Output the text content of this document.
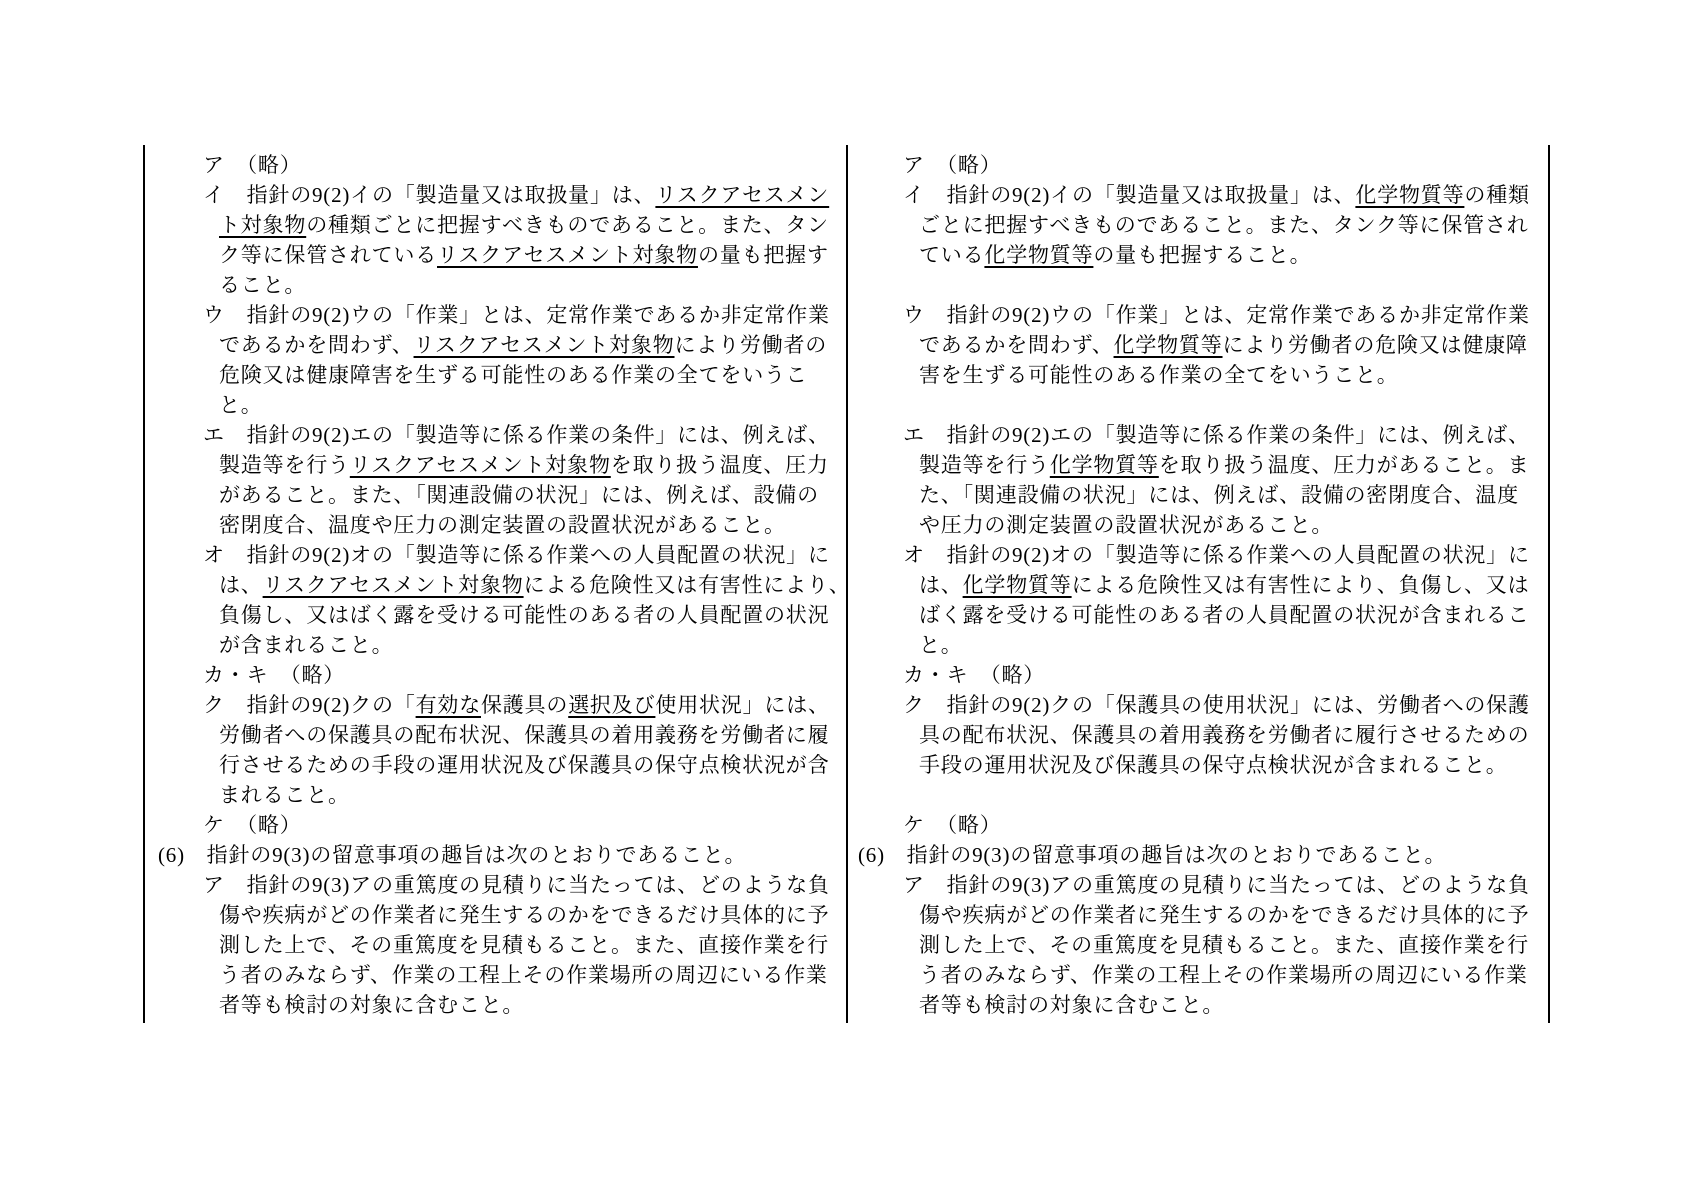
ア　（略）
イ　指針の9(2)イの「製造量又は取扱量」は、リスクアセスメン
ト対象物の種類ごとに把握すべきものであること。また、タン
ク等に保管されているリスクアセスメント対象物の量も把握す
ること。
ウ　指針の9(2)ウの「作業」とは、定常作業であるか非定常作業
であるかを問わず、リスクアセスメント対象物により労働者の
危険又は健康障害を生ずる可能性のある作業の全てをいうこ
と。
エ　指針の9(2)エの「製造等に係る作業の条件」には、例えば、
製造等を行うリスクアセスメント対象物を取り扱う温度、圧力
があること。また、「関連設備の状況」には、例えば、設備の
密閉度合、温度や圧力の測定装置の設置状況があること。
オ　指針の9(2)オの「製造等に係る作業への人員配置の状況」に
は、リスクアセスメント対象物による危険性又は有害性により、
負傷し、又はばく露を受ける可能性のある者の人員配置の状況
が含まれること。
カ・キ　（略）
ク　指針の9(2)クの「有効な保護具の選択及び使用状況」には、
労働者への保護具の配布状況、保護具の着用義務を労働者に履
行させるための手段の運用状況及び保護具の保守点検状況が含
まれること。
ケ　（略）
(6)　指針の9(3)の留意事項の趣旨は次のとおりであること。
ア　指針の9(3)アの重篤度の見積りに当たっては、どのような負
傷や疾病がどの作業者に発生するのかをできるだけ具体的に予
測した上で、その重篤度を見積もること。また、直接作業を行
う者のみならず、作業の工程上その作業場所の周辺にいる作業
者等も検討の対象に含むこと。
ア　（略）
イ　指針の9(2)イの「製造量又は取扱量」は、化学物質等の種類
ごとに把握すべきものであること。また、タンク等に保管され
ている化学物質等の量も把握すること。
ウ　指針の9(2)ウの「作業」とは、定常作業であるか非定常作業
であるかを問わず、化学物質等により労働者の危険又は健康障
害を生ずる可能性のある作業の全てをいうこと。
エ　指針の9(2)エの「製造等に係る作業の条件」には、例えば、
製造等を行う化学物質等を取り扱う温度、圧力があること。ま
た、「関連設備の状況」には、例えば、設備の密閉度合、温度
や圧力の測定装置の設置状況があること。
オ　指針の9(2)オの「製造等に係る作業への人員配置の状況」に
は、化学物質等による危険性又は有害性により、負傷し、又は
ばく露を受ける可能性のある者の人員配置の状況が含まれるこ
と。
カ・キ　（略）
ク　指針の9(2)クの「保護具の使用状況」には、労働者への保護
具の配布状況、保護具の着用義務を労働者に履行させるための
手段の運用状況及び保護具の保守点検状況が含まれること。
ケ　（略）
(6)　指針の9(3)の留意事項の趣旨は次のとおりであること。
ア　指針の9(3)アの重篤度の見積りに当たっては、どのような負
傷や疾病がどの作業者に発生するのかをできるだけ具体的に予
測した上で、その重篤度を見積もること。また、直接作業を行
う者のみならず、作業の工程上その作業場所の周辺にいる作業
者等も検討の対象に含むこと。
